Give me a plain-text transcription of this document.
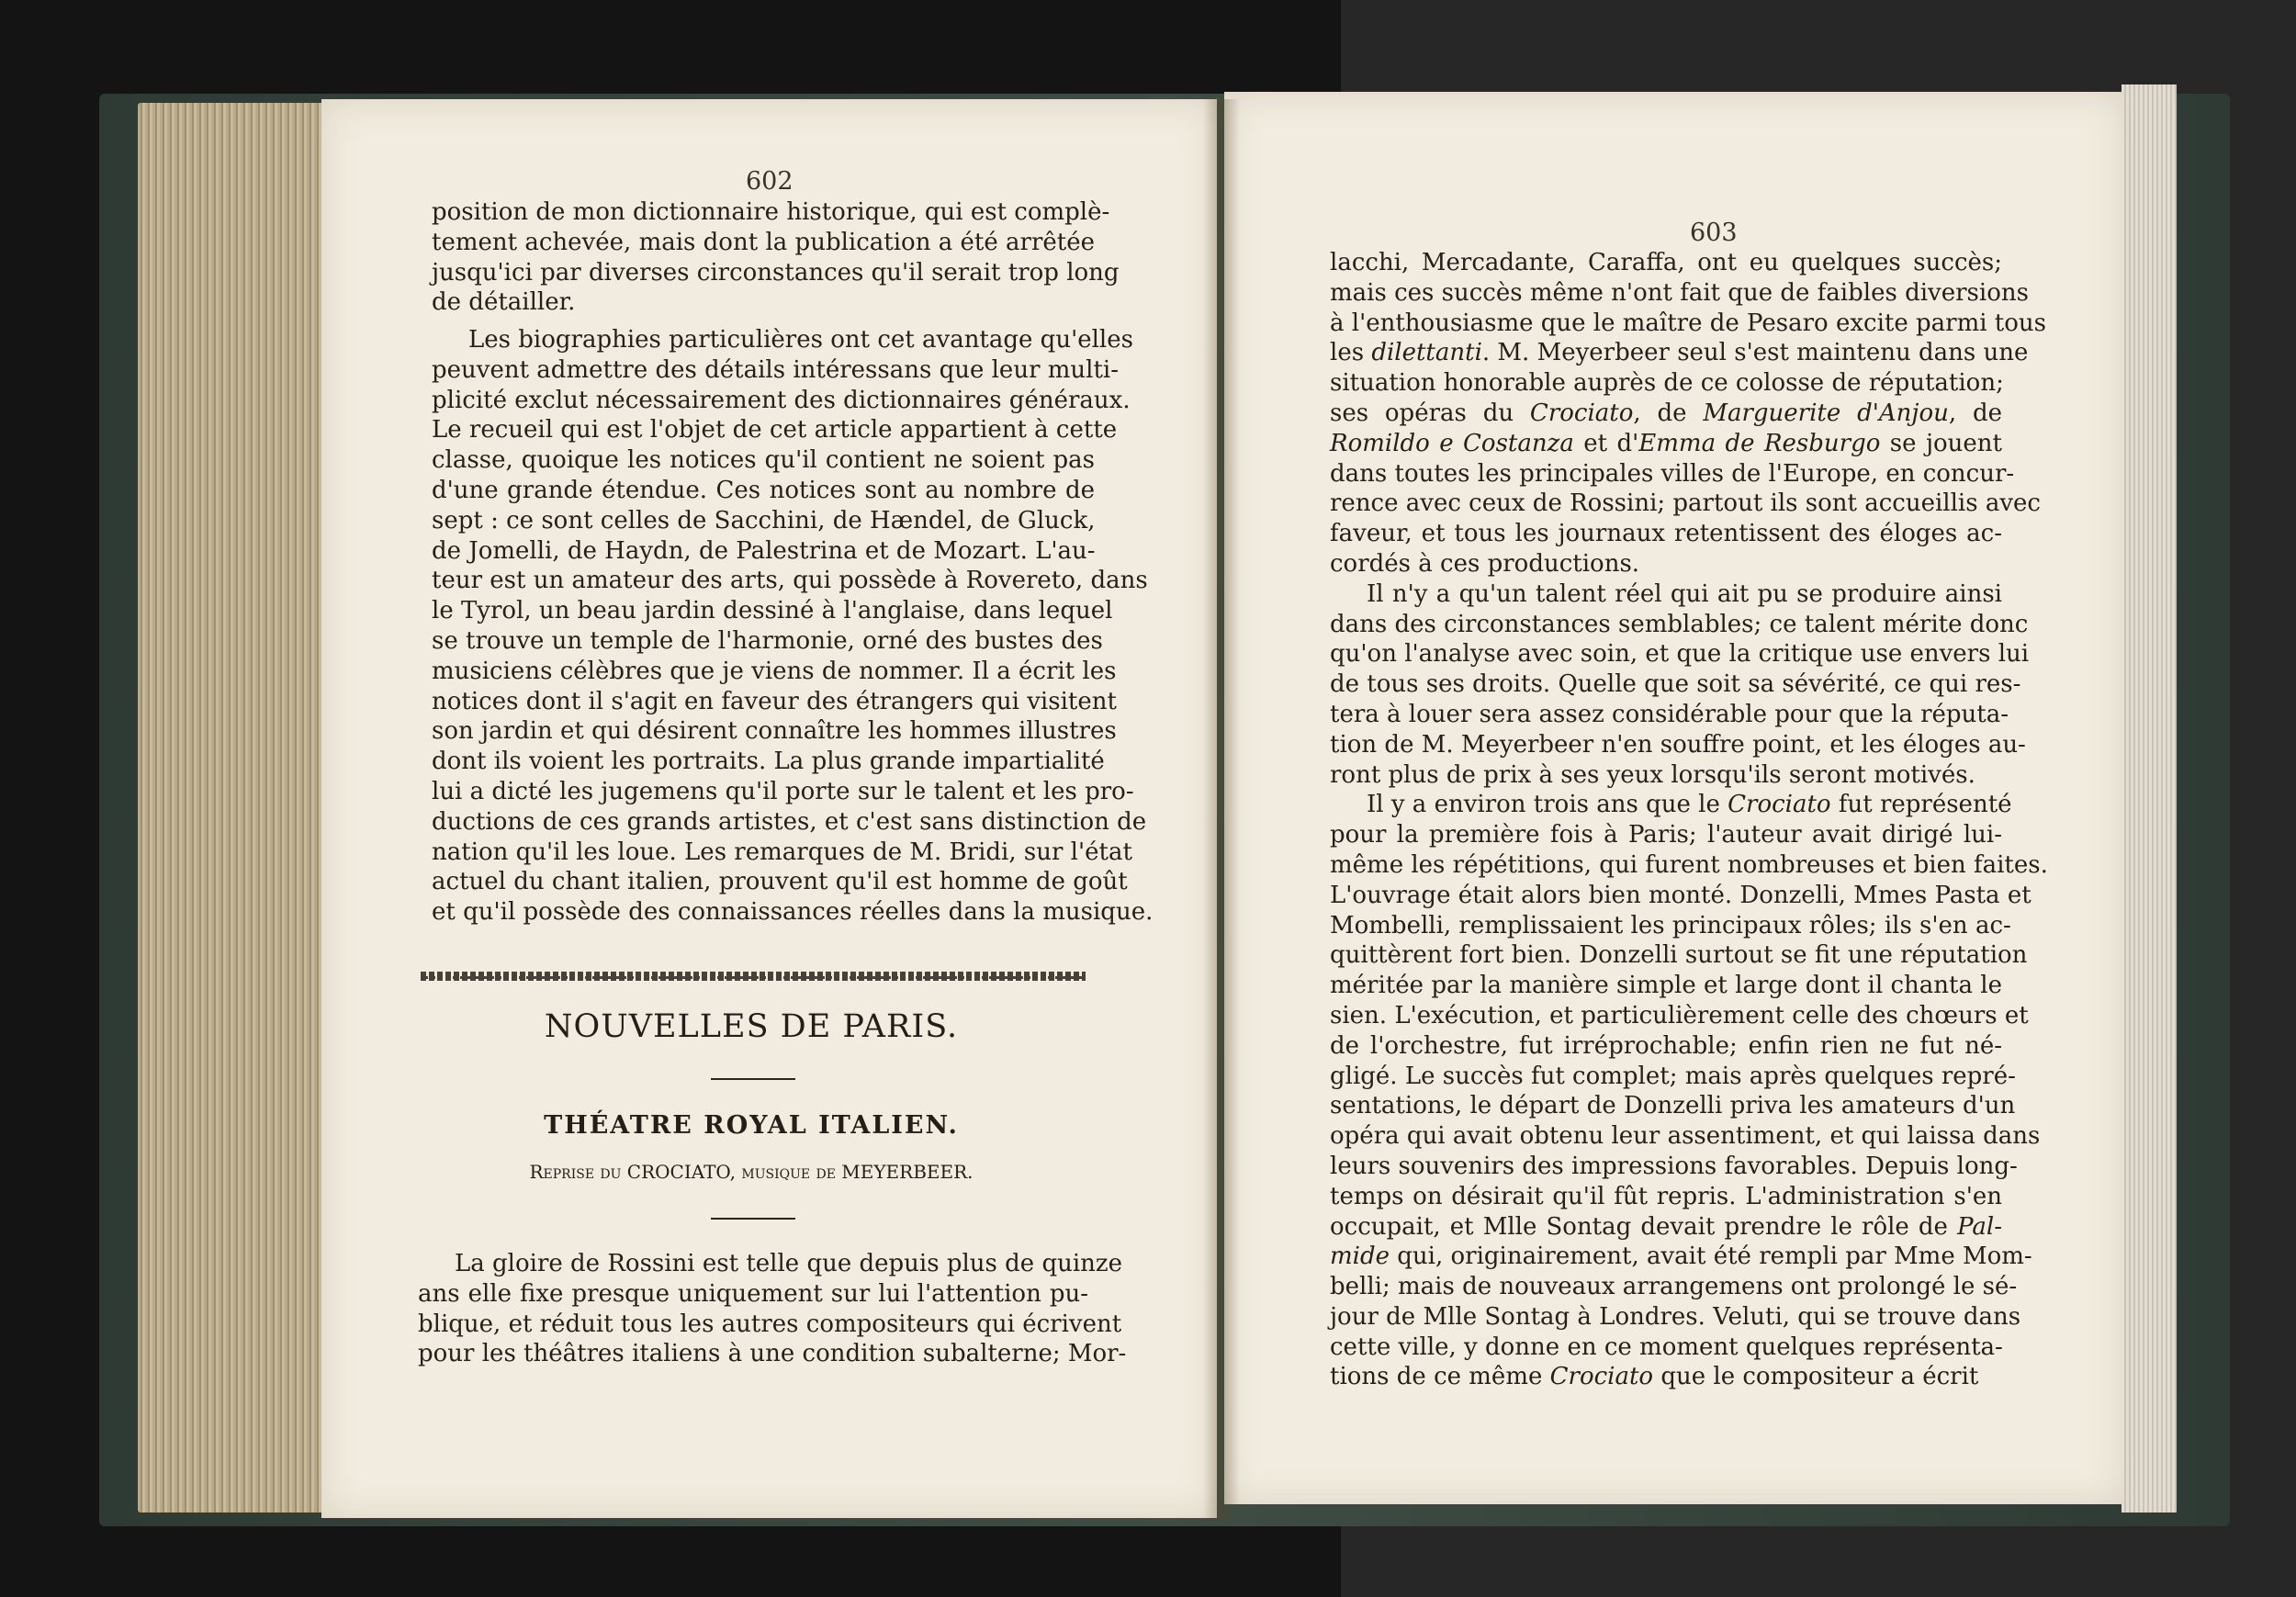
602
position de mon dictionnaire historique, qui est complè-
tement achevée, mais dont la publication a été arrêtée
jusqu'ici par diverses circonstances qu'il serait trop long
de détailler.
Les biographies particulières ont cet avantage qu'elles
peuvent admettre des détails intéressans que leur multi-
plicité exclut nécessairement des dictionnaires généraux.
Le recueil qui est l'objet de cet article appartient à cette
classe, quoique les notices qu'il contient ne soient pas
d'une grande étendue. Ces notices sont au nombre de
sept : ce sont celles de Sacchini, de Hændel, de Gluck,
de Jomelli, de Haydn, de Palestrina et de Mozart. L'au-
teur est un amateur des arts, qui possède à Rovereto, dans
le Tyrol, un beau jardin dessiné à l'anglaise, dans lequel
se trouve un temple de l'harmonie, orné des bustes des
musiciens célèbres que je viens de nommer. Il a écrit les
notices dont il s'agit en faveur des étrangers qui visitent
son jardin et qui désirent connaître les hommes illustres
dont ils voient les portraits. La plus grande impartialité
lui a dicté les jugemens qu'il porte sur le talent et les pro-
ductions de ces grands artistes, et c'est sans distinction de
nation qu'il les loue. Les remarques de M. Bridi, sur l'état
actuel du chant italien, prouvent qu'il est homme de goût
et qu'il possède des connaissances réelles dans la musique.
NOUVELLES DE PARIS.
THÉATRE ROYAL ITALIEN.
Reprise du CROCIATO, musique de MEYERBEER.
La gloire de Rossini est telle que depuis plus de quinze
ans elle fixe presque uniquement sur lui l'attention pu-
blique, et réduit tous les autres compositeurs qui écrivent
pour les théâtres italiens à une condition subalterne; Mor-
603
lacchi, Mercadante, Caraffa, ont eu quelques succès;
mais ces succès même n'ont fait que de faibles diversions
à l'enthousiasme que le maître de Pesaro excite parmi tous
les dilettanti. M. Meyerbeer seul s'est maintenu dans une
situation honorable auprès de ce colosse de réputation;
ses opéras du Crociato, de Marguerite d'Anjou, de
Romildo e Costanza et d'Emma de Resburgo se jouent
dans toutes les principales villes de l'Europe, en concur-
rence avec ceux de Rossini; partout ils sont accueillis avec
faveur, et tous les journaux retentissent des éloges ac-
cordés à ces productions.
Il n'y a qu'un talent réel qui ait pu se produire ainsi
dans des circonstances semblables; ce talent mérite donc
qu'on l'analyse avec soin, et que la critique use envers lui
de tous ses droits. Quelle que soit sa sévérité, ce qui res-
tera à louer sera assez considérable pour que la réputa-
tion de M. Meyerbeer n'en souffre point, et les éloges au-
ront plus de prix à ses yeux lorsqu'ils seront motivés.
Il y a environ trois ans que le Crociato fut représenté
pour la première fois à Paris; l'auteur avait dirigé lui-
même les répétitions, qui furent nombreuses et bien faites.
L'ouvrage était alors bien monté. Donzelli, Mmes Pasta et
Mombelli, remplissaient les principaux rôles; ils s'en ac-
quittèrent fort bien. Donzelli surtout se fit une réputation
méritée par la manière simple et large dont il chanta le
sien. L'exécution, et particulièrement celle des chœurs et
de l'orchestre, fut irréprochable; enfin rien ne fut né-
gligé. Le succès fut complet; mais après quelques repré-
sentations, le départ de Donzelli priva les amateurs d'un
opéra qui avait obtenu leur assentiment, et qui laissa dans
leurs souvenirs des impressions favorables. Depuis long-
temps on désirait qu'il fût repris. L'administration s'en
occupait, et Mlle Sontag devait prendre le rôle de Pal-
mide qui, originairement, avait été rempli par Mme Mom-
belli; mais de nouveaux arrangemens ont prolongé le sé-
jour de Mlle Sontag à Londres. Veluti, qui se trouve dans
cette ville, y donne en ce moment quelques représenta-
tions de ce même Crociato que le compositeur a écrit
